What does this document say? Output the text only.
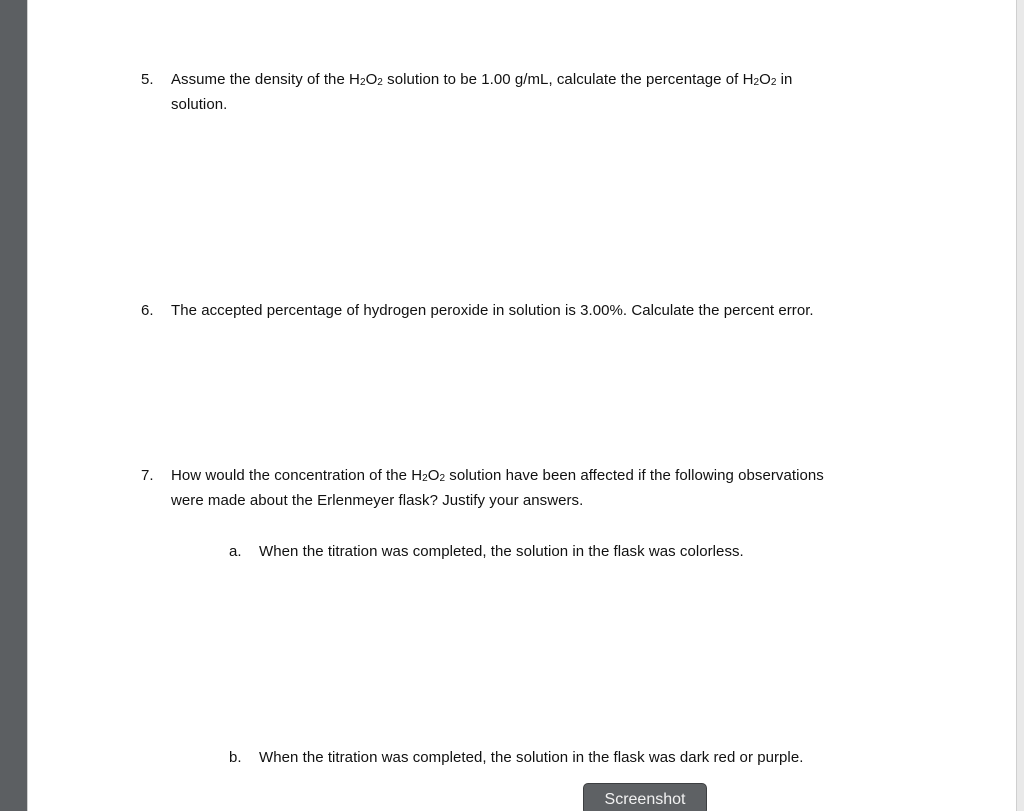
5. Assume the density of the $H_2O_2$ solution to be 1.00 g/mL, calculate the percentage of $H_2O_2$ in
solution.
6. The accepted percentage of hydrogen peroxide in solution is 3.00%. Calculate the percent error.
7. How would the concentration of the $H_2O_2$ solution have been affected if the following observations
were made about the Erlenmeyer flask? Justify your answers.
a. When the titration was completed, the solution in the flask was colorless.
b. When the titration was completed, the solution in the flask was dark red or purple.
Screenshot
